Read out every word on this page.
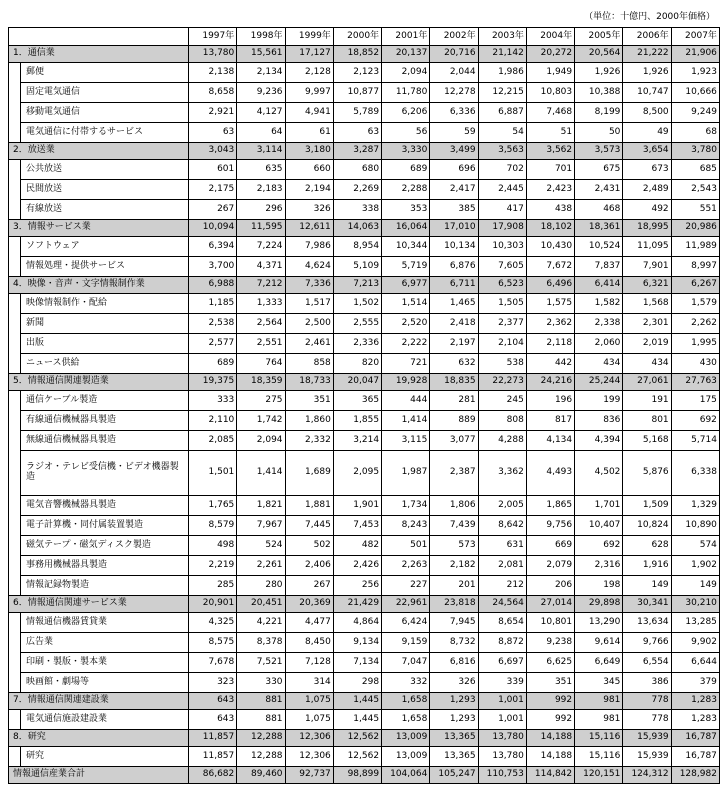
（単位：十億円、2000年価格）
		1997年	1998年	1999年	2000年	2001年	2002年	2003年	2004年	2005年	2006年	2007年
1．通信業		13,780	15,561	17,127	18,852	20,137	20,716	21,142	20,272	20,564	21,222	21,906
	郵便	2,138	2,134	2,128	2,123	2,094	2,044	1,986	1,949	1,926	1,926	1,923
	固定電気通信	8,658	9,236	9,997	10,877	11,780	12,278	12,215	10,803	10,388	10,747	10,666
	移動電気通信	2,921	4,127	4,941	5,789	6,206	6,336	6,887	7,468	8,199	8,500	9,249
	電気通信に付帯するサービス	63	64	61	63	56	59	54	51	50	49	68
2．放送業		3,043	3,114	3,180	3,287	3,330	3,499	3,563	3,562	3,573	3,654	3,780
	公共放送	601	635	660	680	689	696	702	701	675	673	685
	民間放送	2,175	2,183	2,194	2,269	2,288	2,417	2,445	2,423	2,431	2,489	2,543
	有線放送	267	296	326	338	353	385	417	438	468	492	551
3．情報サービス業		10,094	11,595	12,611	14,063	16,064	17,010	17,908	18,102	18,361	18,995	20,986
	ソフトウェア	6,394	7,224	7,986	8,954	10,344	10,134	10,303	10,430	10,524	11,095	11,989
	情報処理・提供サービス	3,700	4,371	4,624	5,109	5,719	6,876	7,605	7,672	7,837	7,901	8,997
4．映像・音声・文字情報制作業		6,988	7,212	7,336	7,213	6,977	6,711	6,523	6,496	6,414	6,321	6,267
	映像情報制作・配給	1,185	1,333	1,517	1,502	1,514	1,465	1,505	1,575	1,582	1,568	1,579
	新聞	2,538	2,564	2,500	2,555	2,520	2,418	2,377	2,362	2,338	2,301	2,262
	出版	2,577	2,551	2,461	2,336	2,222	2,197	2,104	2,118	2,060	2,019	1,995
	ニュース供給	689	764	858	820	721	632	538	442	434	434	430
5．情報通信関連製造業		19,375	18,359	18,733	20,047	19,928	18,835	22,273	24,216	25,244	27,061	27,763
	通信ケーブル製造	333	275	351	365	444	281	245	196	199	191	175
	有線通信機械器具製造	2,110	1,742	1,860	1,855	1,414	889	808	817	836	801	692
	無線通信機械器具製造	2,085	2,094	2,332	3,214	3,115	3,077	4,288	4,134	4,394	5,168	5,714
	ラジオ・テレビ受信機・ビデオ機器製造	1,501	1,414	1,689	2,095	1,987	2,387	3,362	4,493	4,502	5,876	6,338
	電気音響機械器具製造	1,765	1,821	1,881	1,901	1,734	1,806	2,005	1,865	1,701	1,509	1,329
	電子計算機・同付属装置製造	8,579	7,967	7,445	7,453	8,243	7,439	8,642	9,756	10,407	10,824	10,890
	磁気テープ・磁気ディスク製造	498	524	502	482	501	573	631	669	692	628	574
	事務用機械器具製造	2,219	2,261	2,406	2,426	2,263	2,182	2,081	2,079	2,316	1,916	1,902
	情報記録物製造	285	280	267	256	227	201	212	206	198	149	149
6．情報通信関連サービス業		20,901	20,451	20,369	21,429	22,961	23,818	24,564	27,014	29,898	30,341	30,210
	情報通信機器賃貸業	4,325	4,221	4,477	4,864	6,424	7,945	8,654	10,801	13,290	13,634	13,285
	広告業	8,575	8,378	8,450	9,134	9,159	8,732	8,872	9,238	9,614	9,766	9,902
	印刷・製版・製本業	7,678	7,521	7,128	7,134	7,047	6,816	6,697	6,625	6,649	6,554	6,644
	映画館・劇場等	323	330	314	298	332	326	339	351	345	386	379
7．情報通信関連建設業		643	881	1,075	1,445	1,658	1,293	1,001	992	981	778	1,283
	電気通信施設建設業	643	881	1,075	1,445	1,658	1,293	1,001	992	981	778	1,283
8．研究		11,857	12,288	12,306	12,562	13,009	13,365	13,780	14,188	15,116	15,939	16,787
	研究	11,857	12,288	12,306	12,562	13,009	13,365	13,780	14,188	15,116	15,939	16,787
情報通信産業合計		86,682	89,460	92,737	98,899	104,064	105,247	110,753	114,842	120,151	124,312	128,982
